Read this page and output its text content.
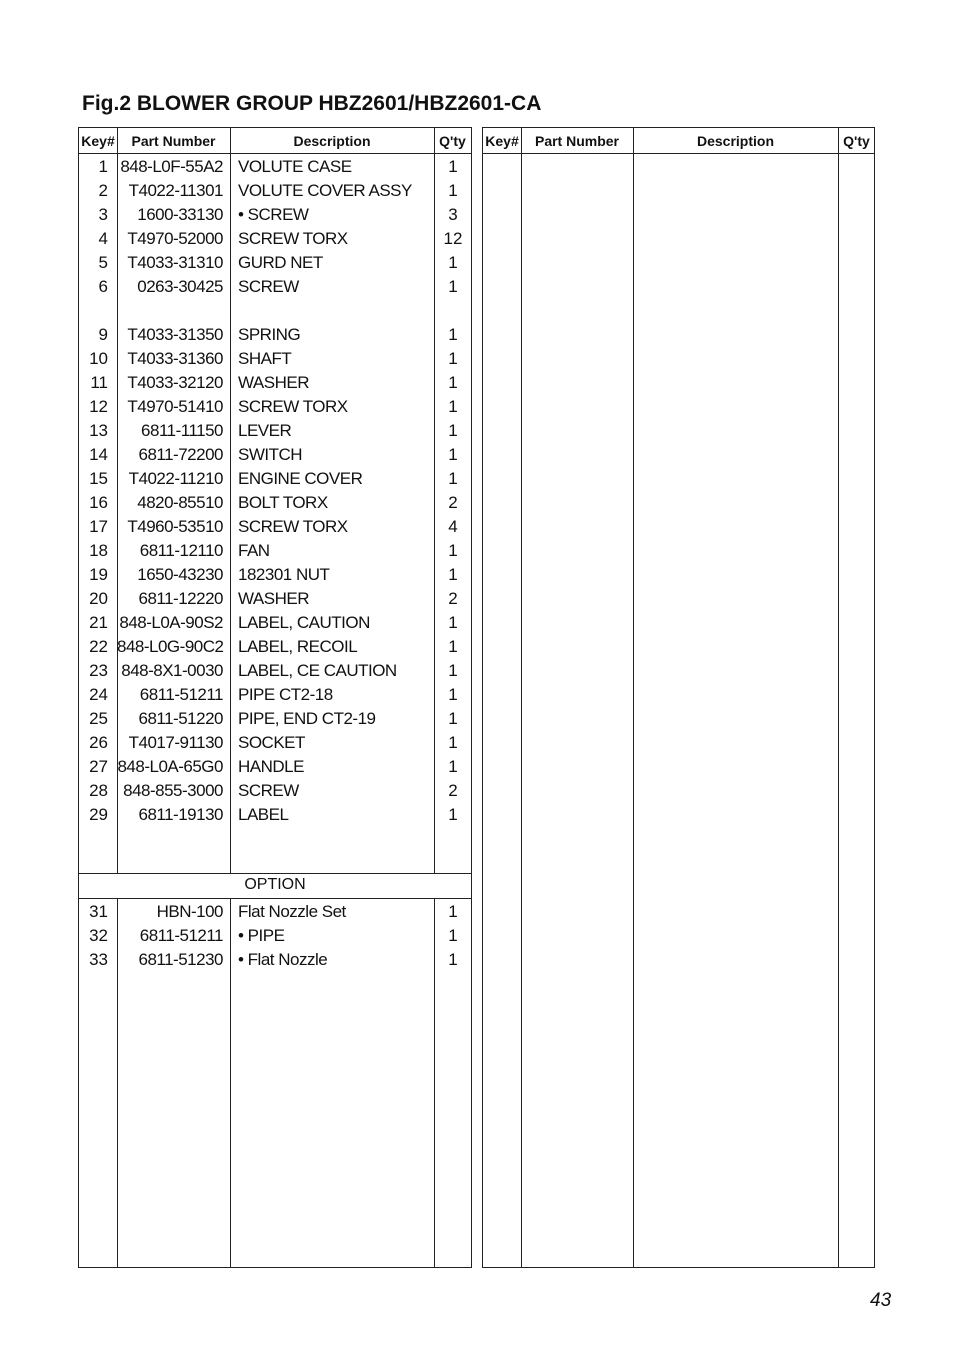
Fig.2 BLOWER GROUP HBZ2601/HBZ2601-CA
Key#	Part Number	Description	Q'ty
1 848-L0F-55A2 VOLUTE CASE	1
2	T4022-11301 VOLUTE COVER ASSY	1
3	1600-33130 • SCREW	3
4	T4970-52000 SCREW TORX	12
5	T4033-31310 GURD NET	1
6	0263-30425 SCREW	1
9	T4033-31350 SPRING	1
10	T4033-31360 SHAFT	1
11	T4033-32120 WASHER	1
12	T4970-51410 SCREW TORX	1
13	6811-11150 LEVER	1
14	6811-72200 SWITCH	1
15	T4022-11210 ENGINE COVER	1
16	4820-85510 BOLT TORX	2
17	T4960-53510 SCREW TORX	4
18	6811-12110 FAN	1
19	1650-43230 182301 NUT	1
20	6811-12220 WASHER	2
21 848-L0A-90S2 LABEL, CAUTION	1
22 848-L0G-90C2 LABEL, RECOIL	1
23 848-8X1-0030 LABEL, CE CAUTION	1
24	6811-51211 PIPE CT2-18	1
25	6811-51220 PIPE, END CT2-19	1
26	T4017-91130 SOCKET	1
27 848-L0A-65G0 HANDLE	1
28 848-855-3000 SCREW	2
29	6811-19130 LABEL	1
OPTION
31	HBN-100 Flat Nozzle Set	1
32	6811-51211 • PIPE	1
33	6811-51230 • Flat Nozzle	1
Key#	Part Number	Description	Q'ty
43
